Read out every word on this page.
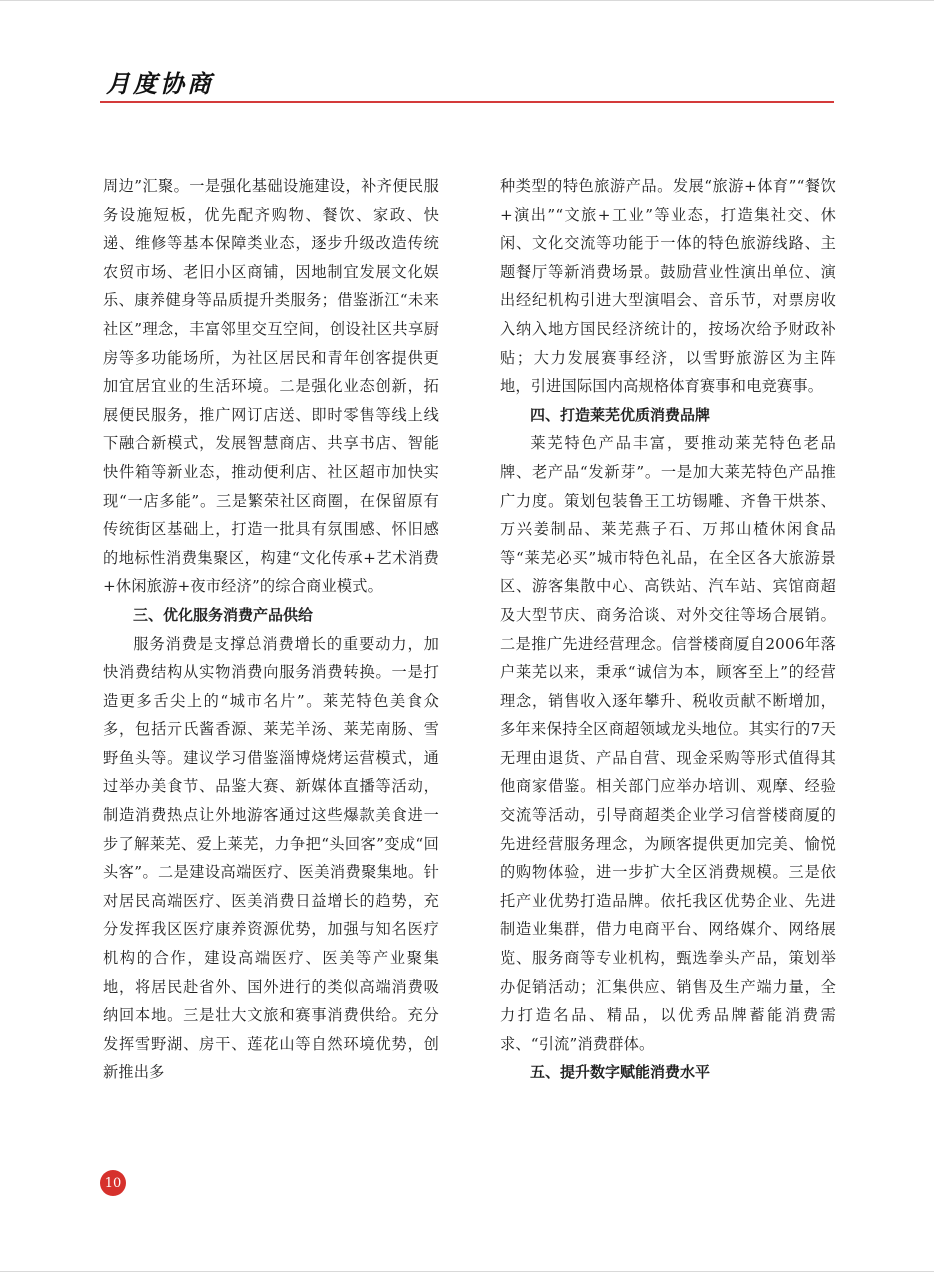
月度协商

周边”汇聚。一是强化基础设施建设，补齐便民服务设施短板，优先配齐购物、餐饮、家政、快递、维修等基本保障类业态，逐步升级改造传统农贸市场、老旧小区商铺，因地制宜发展文化娱乐、康养健身等品质提升类服务；借鉴浙江“未来社区”理念，丰富邻里交互空间，创设社区共享厨房等多功能场所，为社区居民和青年创客提供更加宜居宜业的生活环境。二是强化业态创新，拓展便民服务，推广网订店送、即时零售等线上线下融合新模式，发展智慧商店、共享书店、智能快件箱等新业态，推动便利店、社区超市加快实现“一店多能”。三是繁荣社区商圈，在保留原有传统街区基础上，打造一批具有氛围感、怀旧感的地标性消费集聚区，构建“文化传承+艺术消费+休闲旅游+夜市经济”的综合商业模式。

三、优化服务消费产品供给

服务消费是支撑总消费增长的重要动力，加快消费结构从实物消费向服务消费转换。一是打造更多舌尖上的“城市名片”。莱芜特色美食众多，包括亓氏酱香源、莱芜羊汤、莱芜南肠、雪野鱼头等。建议学习借鉴淄博烧烤运营模式，通过举办美食节、品鉴大赛、新媒体直播等活动，制造消费热点让外地游客通过这些爆款美食进一步了解莱芜、爱上莱芜，力争把“头回客”变成“回头客”。二是建设高端医疗、医美消费聚集地。针对居民高端医疗、医美消费日益增长的趋势，充分发挥我区医疗康养资源优势，加强与知名医疗机构的合作，建设高端医疗、医美等产业聚集地，将居民赴省外、国外进行的类似高端消费吸纳回本地。三是壮大文旅和赛事消费供给。充分发挥雪野湖、房干、莲花山等自然环境优势，创新推出多

种类型的特色旅游产品。发展“旅游+体育”“餐饮+演出”“文旅+工业”等业态，打造集社交、休闲、文化交流等功能于一体的特色旅游线路、主题餐厅等新消费场景。鼓励营业性演出单位、演出经纪机构引进大型演唱会、音乐节，对票房收入纳入地方国民经济统计的，按场次给予财政补贴；大力发展赛事经济，以雪野旅游区为主阵地，引进国际国内高规格体育赛事和电竞赛事。

四、打造莱芜优质消费品牌

莱芜特色产品丰富，要推动莱芜特色老品牌、老产品“发新芽”。一是加大莱芜特色产品推广力度。策划包装鲁王工坊锡雕、齐鲁干烘茶、万兴姜制品、莱芜燕子石、万邦山楂休闲食品等“莱芜必买”城市特色礼品，在全区各大旅游景区、游客集散中心、高铁站、汽车站、宾馆商超及大型节庆、商务洽谈、对外交往等场合展销。二是推广先进经营理念。信誉楼商厦自2006年落户莱芜以来，秉承“诚信为本，顾客至上”的经营理念，销售收入逐年攀升、税收贡献不断增加，多年来保持全区商超领域龙头地位。其实行的7天无理由退货、产品自营、现金采购等形式值得其他商家借鉴。相关部门应举办培训、观摩、经验交流等活动，引导商超类企业学习信誉楼商厦的先进经营服务理念，为顾客提供更加完美、愉悦的购物体验，进一步扩大全区消费规模。三是依托产业优势打造品牌。依托我区优势企业、先进制造业集群，借力电商平台、网络媒介、网络展览、服务商等专业机构，甄选拳头产品，策划举办促销活动；汇集供应、销售及生产端力量，全力打造名品、精品，以优秀品牌蓄能消费需求、“引流”消费群体。

五、提升数字赋能消费水平

10
